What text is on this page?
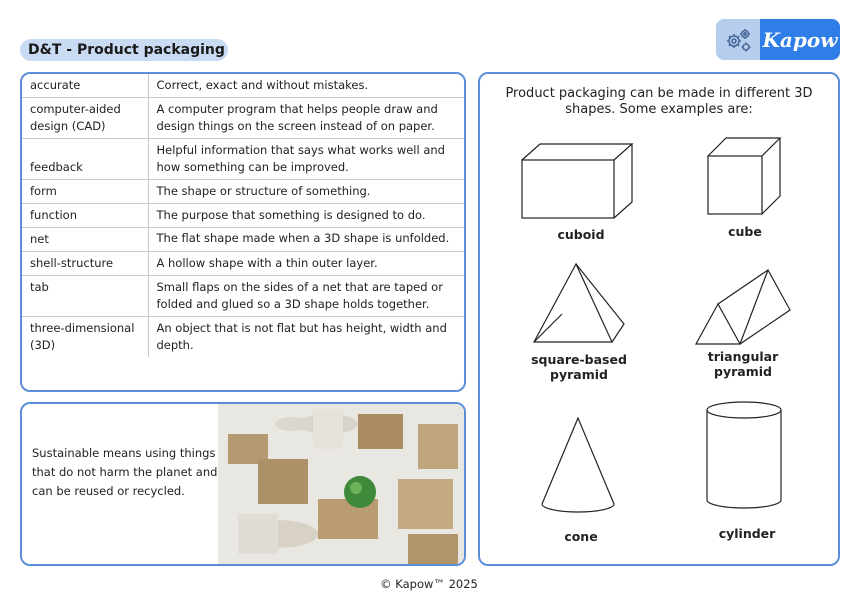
D&T - Product packaging	Kapow
accurate	Correct, exact and without mistakes.
computer-aided design (CAD)	A computer program that helps people draw and design things on the screen instead of on paper.
feedback	Helpful information that says what works well and how something can be improved.
form	The shape or structure of something.
function	The purpose that something is designed to do.
net	The flat shape made when a 3D shape is unfolded.
shell-structure	A hollow shape with a thin outer layer.
tab	Small flaps on the sides of a net that are taped or folded and glued so a 3D shape holds together.
three-dimensional (3D)	An object that is not flat but has height, width and depth.
Sustainable means using things that do not harm the planet and can be reused or recycled.
Product packaging can be made in different 3D shapes. Some examples are:
cuboid	cube
square-based pyramid
triangular pyramid
cone	cylinder
© Kapow™ 2025
